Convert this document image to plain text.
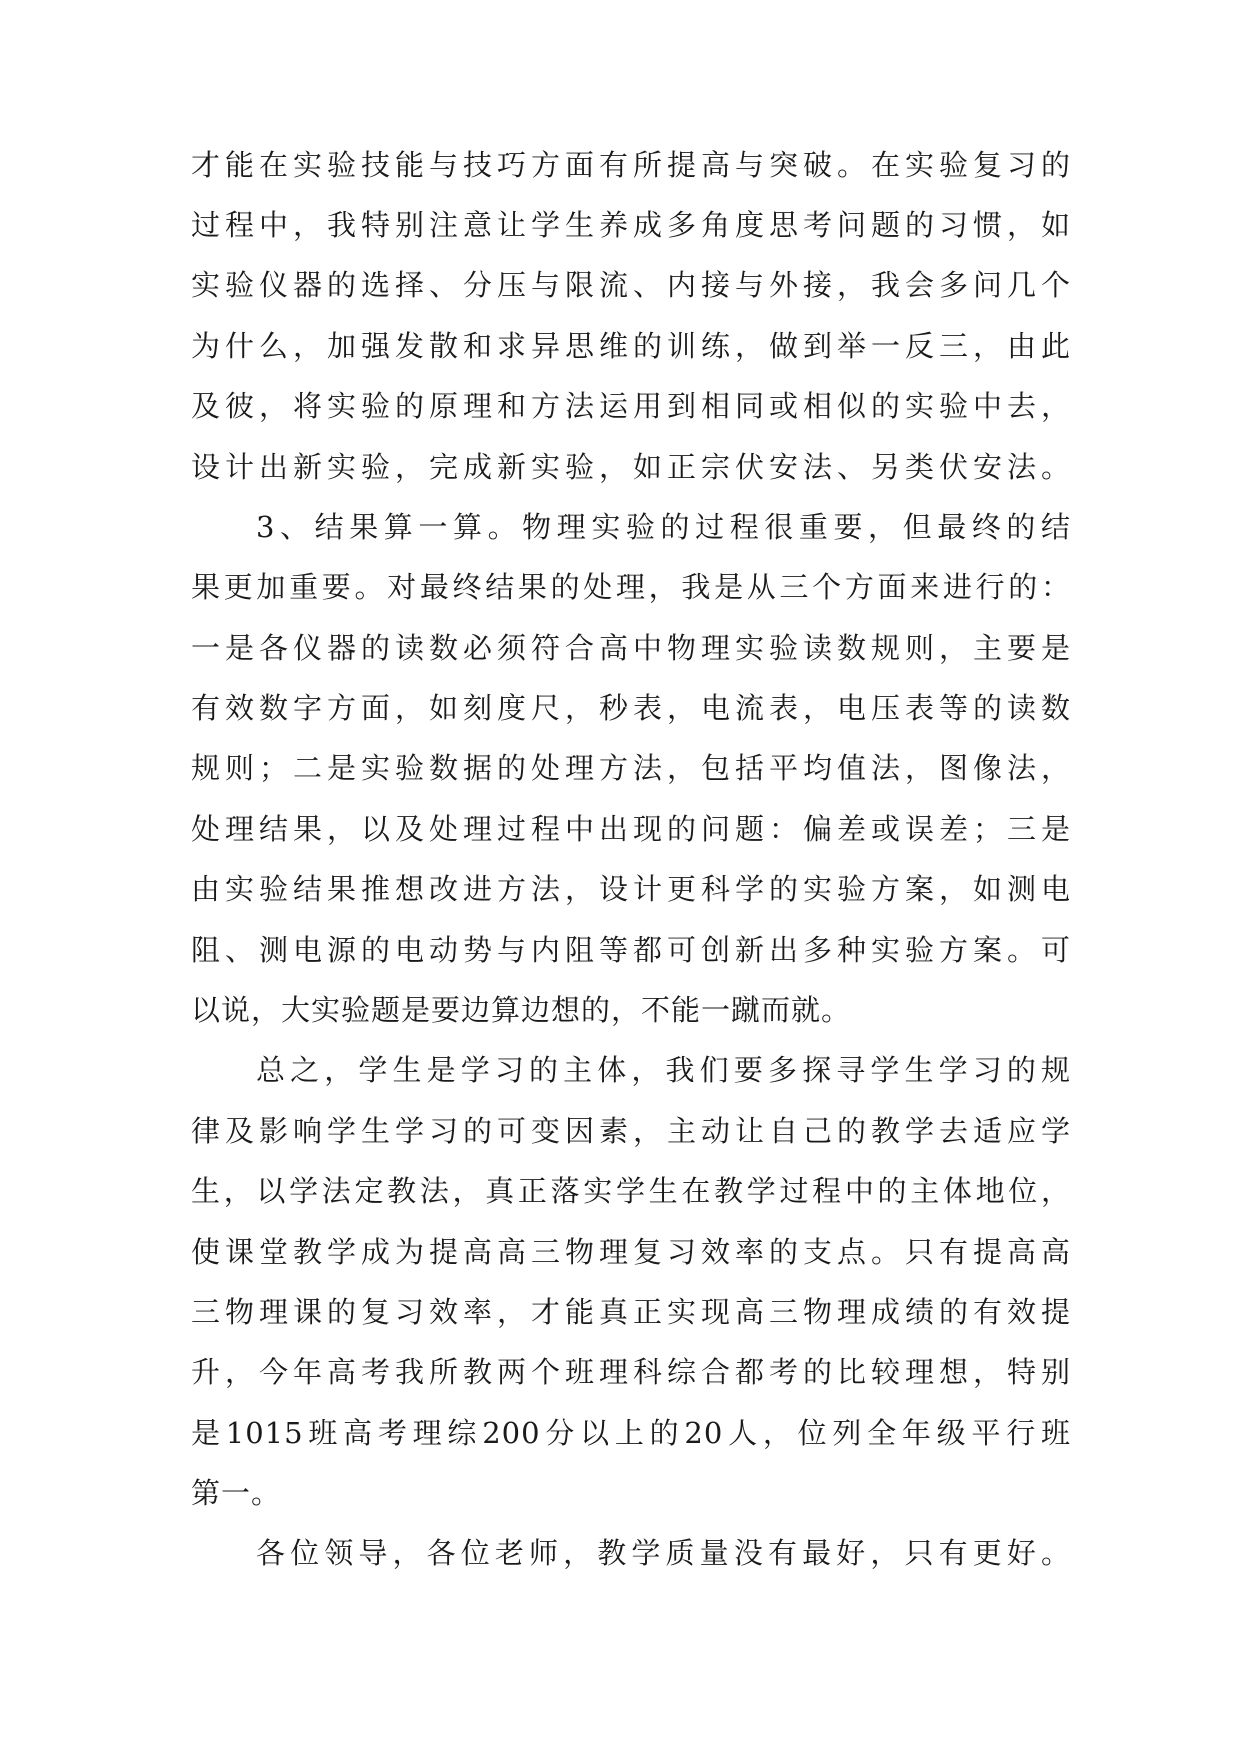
才能在实验技能与技巧方面有所提高与突破。在实验复习的
过程中，我特别注意让学生养成多角度思考问题的习惯，如
实验仪器的选择、分压与限流、内接与外接，我会多问几个
为什么，加强发散和求异思维的训练，做到举一反三，由此
及彼，将实验的原理和方法运用到相同或相似的实验中去，
设计出新实验，完成新实验，如正宗伏安法、另类伏安法。
3、结果算一算。物理实验的过程很重要，但最终的结
果更加重要。对最终结果的处理，我是从三个方面来进行的：
一是各仪器的读数必须符合高中物理实验读数规则，主要是
有效数字方面，如刻度尺，秒表，电流表，电压表等的读数
规则；二是实验数据的处理方法，包括平均值法，图像法，
处理结果，以及处理过程中出现的问题：偏差或误差；三是
由实验结果推想改进方法，设计更科学的实验方案，如测电
阻、测电源的电动势与内阻等都可创新出多种实验方案。可
以说，大实验题是要边算边想的，不能一蹴而就。
总之，学生是学习的主体，我们要多探寻学生学习的规
律及影响学生学习的可变因素，主动让自己的教学去适应学
生，以学法定教法，真正落实学生在教学过程中的主体地位，
使课堂教学成为提高高三物理复习效率的支点。只有提高高
三物理课的复习效率，才能真正实现高三物理成绩的有效提
升，今年高考我所教两个班理科综合都考的比较理想，特别
是1015班高考理综200分以上的20人，位列全年级平行班
第一。
各位领导，各位老师，教学质量没有最好，只有更好。
